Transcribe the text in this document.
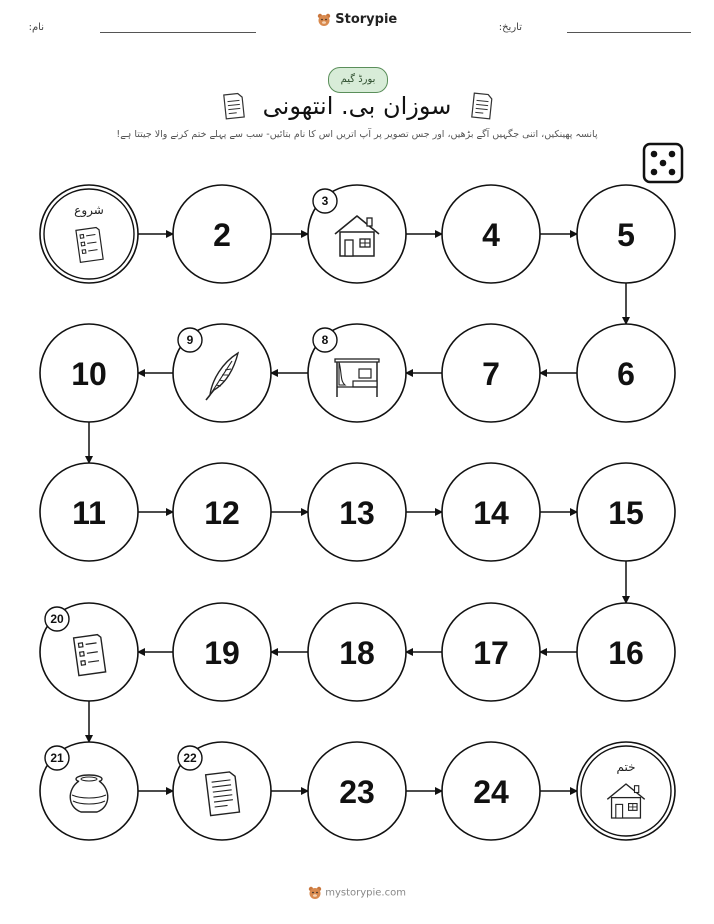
نام:	تاریخ:
Storypie
بورڈ گیم
سوزان بی. انتھونی
پانسہ پھینکیں، اتنی جگہیں آگے بڑھیں، اور جس تصویر پر آپ اتریں اس کا نام بتائیں- سب سے پہلے ختم کرنے والا جیتتا ہے!
شروع
2
3
4	5
6
7
8
9
10
11	12	13	14	15
16
17
18
19
20
21	22
23	24
ختم
mystorypie.com
